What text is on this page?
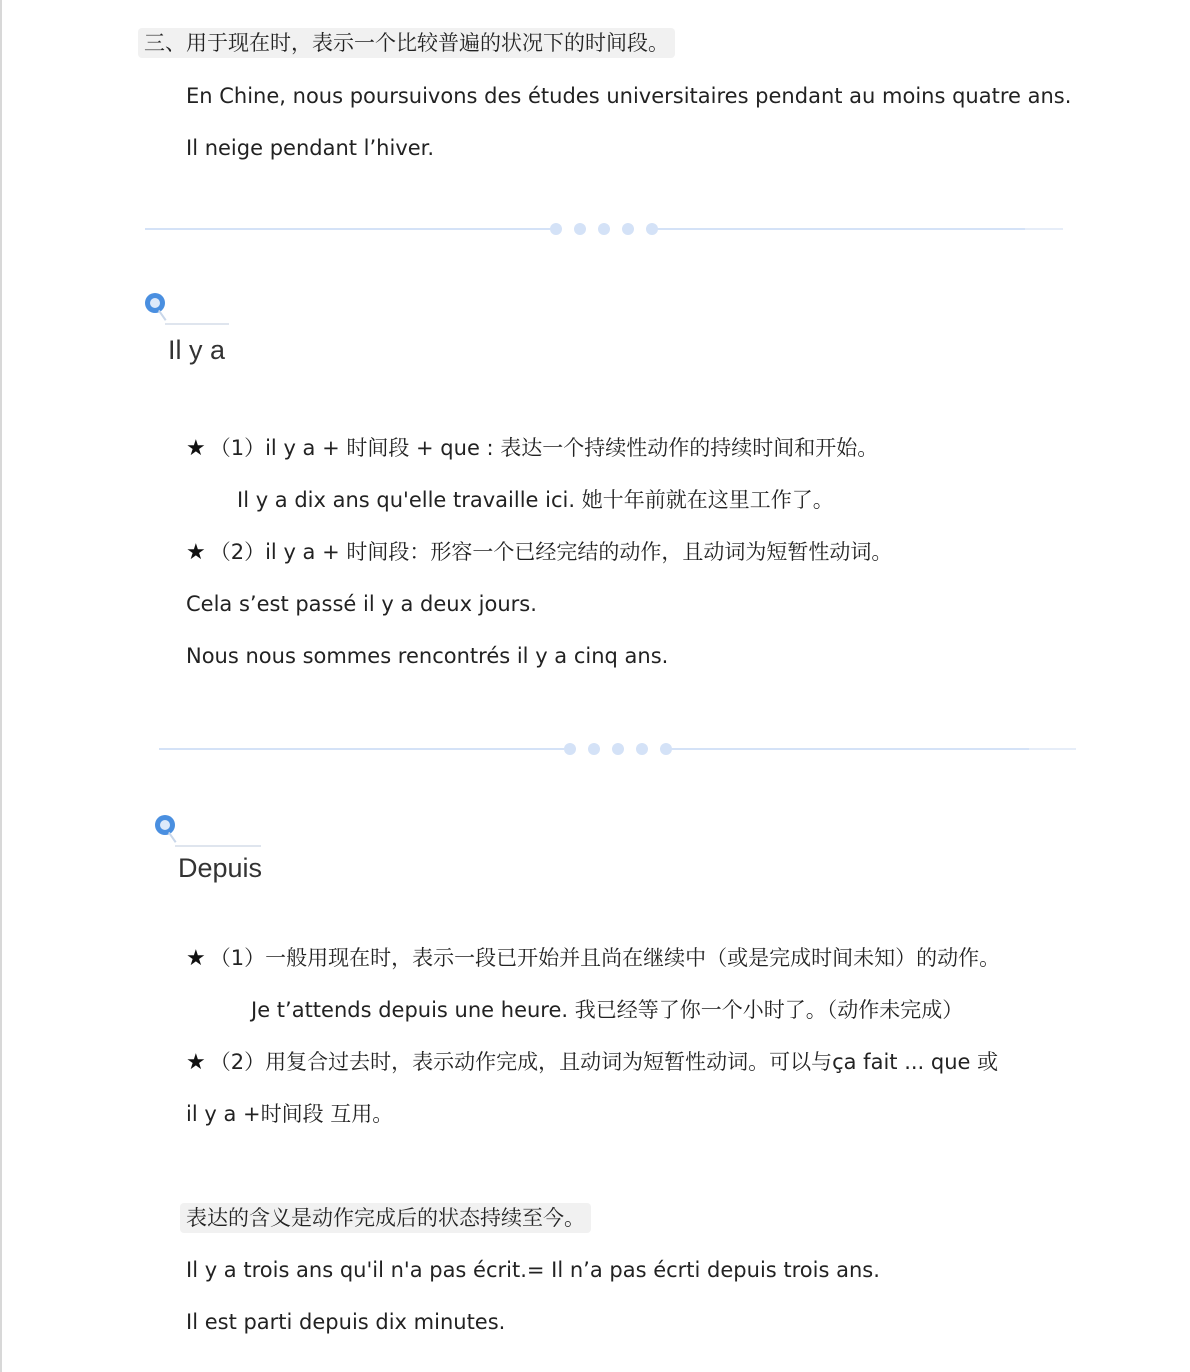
三、用于现在时，表示一个比较普遍的状况下的时间段。
En Chine, nous poursuivons des études universitaires pendant au moins quatre ans.
Il neige pendant l’hiver.
Il y a
★ （1）il y a + 时间段 + que : 表达一个持续性动作的持续时间和开始。
Il y a dix ans qu'elle travaille ici. 她十年前就在这里工作了。
★ （2）il y a + 时间段：形容一个已经完结的动作，且动词为短暂性动词。
Cela s’est passé il y a deux jours.
Nous nous sommes rencontrés il y a cinq ans.
Depuis
★ （1）一般用现在时，表示一段已开始并且尚在继续中（或是完成时间未知）的动作。
Je t’attends depuis une heure. 我已经等了你一个小时了。（动作未完成）
★ （2）用复合过去时，表示动作完成，且动词为短暂性动词。可以与ça fait ... que 或
il y a +时间段 互用。
表达的含义是动作完成后的状态持续至今。
Il y a trois ans qu'il n'a pas écrit.= Il n’a pas écrti depuis trois ans.
Il est parti depuis dix minutes.
